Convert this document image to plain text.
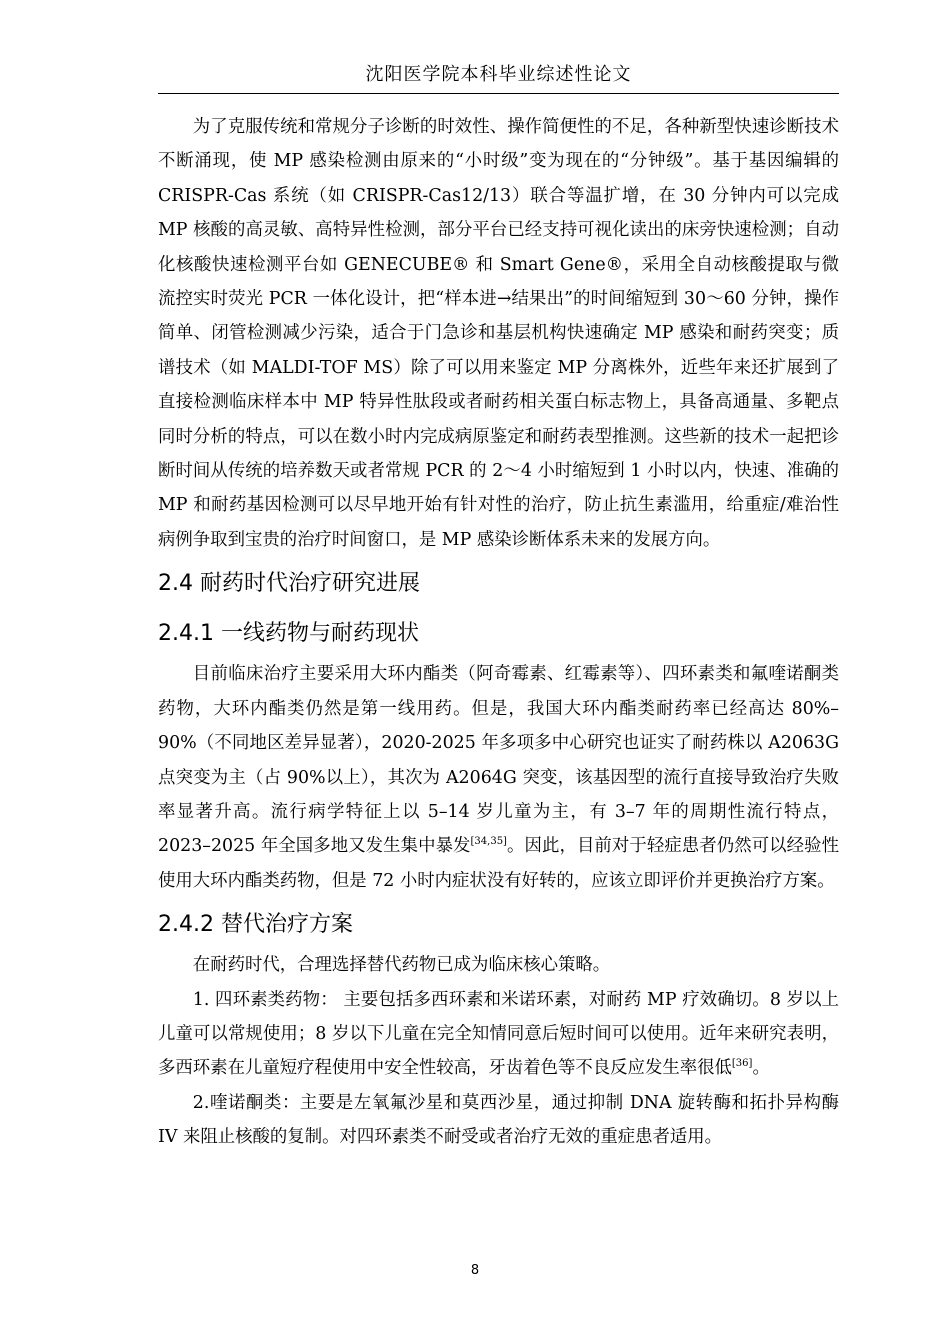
沈阳医学院本科毕业综述性论文

为了克服传统和常规分子诊断的时效性、操作简便性的不足，各种新型快速诊断技术不断涌现，使 MP 感染检测由原来的“小时级”变为现在的“分钟级”。基于基因编辑的 CRISPR-Cas 系统（如 CRISPR-Cas12/13）联合等温扩增，在 30 分钟内可以完成 MP 核酸的高灵敏、高特异性检测，部分平台已经支持可视化读出的床旁快速检测；自动化核酸快速检测平台如 GENECUBE® 和 Smart Gene®，采用全自动核酸提取与微流控实时荧光 PCR 一体化设计，把“样本进→结果出”的时间缩短到 30～60 分钟，操作简单、闭管检测减少污染，适合于门急诊和基层机构快速确定 MP 感染和耐药突变；质谱技术（如 MALDI-TOF MS）除了可以用来鉴定 MP 分离株外，近些年来还扩展到了直接检测临床样本中 MP 特异性肽段或者耐药相关蛋白标志物上，具备高通量、多靶点同时分析的特点，可以在数小时内完成病原鉴定和耐药表型推测。这些新的技术一起把诊断时间从传统的培养数天或者常规 PCR 的 2～4 小时缩短到 1 小时以内，快速、准确的 MP 和耐药基因检测可以尽早地开始有针对性的治疗，防止抗生素滥用，给重症/难治性病例争取到宝贵的治疗时间窗口，是 MP 感染诊断体系未来的发展方向。

2.4 耐药时代治疗研究进展
2.4.1 一线药物与耐药现状

目前临床治疗主要采用大环内酯类（阿奇霉素、红霉素等）、四环素类和氟喹诺酮类药物，大环内酯类仍然是第一线用药。但是，我国大环内酯类耐药率已经高达 80%–90%（不同地区差异显著），2020-2025 年多项多中心研究也证实了耐药株以 A2063G 点突变为主（占 90%以上），其次为 A2064G 突变，该基因型的流行直接导致治疗失败率显著升高。流行病学特征上以 5–14 岁儿童为主，有 3–7 年的周期性流行特点，2023–2025 年全国多地又发生集中暴发[34,35]。因此，目前对于轻症患者仍然可以经验性使用大环内酯类药物，但是 72 小时内症状没有好转的，应该立即评价并更换治疗方案。

2.4.2 替代治疗方案

在耐药时代，合理选择替代药物已成为临床核心策略。

1. 四环素类药物： 主要包括多西环素和米诺环素，对耐药 MP 疗效确切。8 岁以上儿童可以常规使用；8 岁以下儿童在完全知情同意后短时间可以使用。近年来研究表明，多西环素在儿童短疗程使用中安全性较高，牙齿着色等不良反应发生率很低[36]。

2.喹诺酮类：主要是左氧氟沙星和莫西沙星，通过抑制 DNA 旋转酶和拓扑异构酶 IV 来阻止核酸的复制。对四环素类不耐受或者治疗无效的重症患者适用。

8
